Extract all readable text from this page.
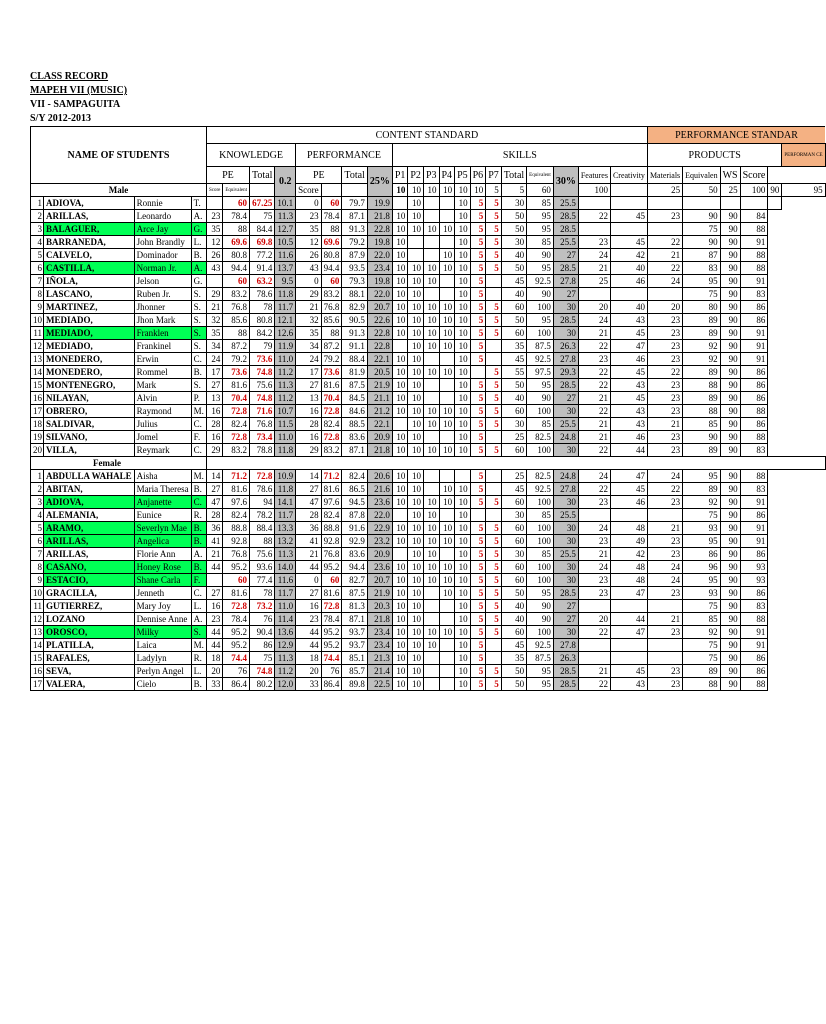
CLASS RECORD
MAPEH VII (MUSIC)
VII - SAMPAGUITA
S/Y 2012-2013
NAME OF STUDENTS				CONTENT STANDARD																				PERFORMANCE STANDAR					
				KNOWLEDGE				PERFORMANCE				SKILLS												PRODUCTS					PERFORMAN CE
				PE		Total	0.2	PE		Total	25%	P1	P2	P3	P4	P5	P6	P7	Total	Equivalent	30%	Features	Creativity	Materials	Equivalen	WS	Score		
Male				Score	Equivalent			Score				10	10	10	10	10	10	5	5	60		100		25	50	25	100	90	95
1	ADIOVA,	Ronnie	T.		60	67.25	10.1	0	60	79.7	19.9		10			10	5	5	30	85	25.5								
2	ARILLAS,	Leonardo	A.	23	78.4	75	11.3	23	78.4	87.1	21.8	10	10			10	5	5	50	95	28.5	22	45	23	90	90	84		
3	BALAGUER,	Arce Jay	G.	35	88	84.4	12.7	35	88	91.3	22.8	10	10	10	10	10	5	5	50	95	28.5				75	90	88		
4	BARRANEDA,	John Brandly	L.	12	69.6	69.8	10.5	12	69.6	79.2	19.8	10				10	5	5	30	85	25.5	23	45	22	90	90	91		
5	CALVELO,	Dominador	B.	26	80.8	77.2	11.6	26	80.8	87.9	22.0	10			10	10	5	5	40	90	27	24	42	21	87	90	88		
6	CASTILLA,	Norman Jr.	A.	43	94.4	91.4	13.7	43	94.4	93.5	23.4	10	10	10	10	10	5	5	50	95	28.5	21	40	22	83	90	88		
7	IÑOLA,	Jelson	G.		60	63.2	9.5	0	60	79.3	19.8	10	10	10		10	5		45	92.5	27.8	25	46	24	95	90	91		
8	LASCANO,	Ruben Jr.	S.	29	83.2	78.6	11.8	29	83.2	88.1	22.0	10	10			10	5		40	90	27				75	90	83		
9	MARTINEZ,	Jhonner	S.	21	76.8	78	11.7	21	76.8	82.9	20.7	10	10	10	10	10	5	5	60	100	30	20	40	20	80	90	86		
10	MEDIADO,	Jhon Mark	S.	32	85.6	80.8	12.1	32	85.6	90.5	22.6	10	10	10	10	10	5	5	50	95	28.5	24	43	23	89	90	86		
11	MEDIADO,	Franklen	S.	35	88	84.2	12.6	35	88	91.3	22.8	10	10	10	10	10	5	5	60	100	30	21	45	23	89	90	91		
12	MEDIADO,	Frankinel	S.	34	87.2	79	11.9	34	87.2	91.1	22.8		10	10	10	10	5		35	87.5	26.3	22	47	23	92	90	91		
13	MONEDERO,	Erwin	C.	24	79.2	73.6	11.0	24	79.2	88.4	22.1	10	10			10	5		45	92.5	27.8	23	46	23	92	90	91		
14	MONEDERO,	Rommel	B.	17	73.6	74.8	11.2	17	73.6	81.9	20.5	10	10	10	10	10		5	55	97.5	29.3	22	45	22	89	90	86		
15	MONTENEGRO,	Mark	S.	27	81.6	75.6	11.3	27	81.6	87.5	21.9	10	10			10	5	5	50	95	28.5	22	43	23	88	90	86		
16	NILAYAN,	Alvin	P.	13	70.4	74.8	11.2	13	70.4	84.5	21.1	10	10			10	5	5	40	90	27	21	45	23	89	90	86		
17	OBRERO,	Raymond	M.	16	72.8	71.6	10.7	16	72.8	84.6	21.2	10	10	10	10	10	5	5	60	100	30	22	43	23	88	90	88		
18	SALDIVAR,	Julius	C.	28	82.4	76.8	11.5	28	82.4	88.5	22.1		10	10	10	10	5	5	30	85	25.5	21	43	21	85	90	86		
19	SILVANO,	Jomel	F.	16	72.8	73.4	11.0	16	72.8	83.6	20.9	10	10			10	5		25	82.5	24.8	21	46	23	90	90	88		
20	VILLA,	Reymark	C.	29	83.2	78.8	11.8	29	83.2	87.1	21.8	10	10	10	10	10	5	5	60	100	30	22	44	23	89	90	83		
Female																													
1	ABDULLA WAHALE	Aisha	M.	14	71.2	72.8	10.9	14	71.2	82.4	20.6	10	10				5		25	82.5	24.8	24	47	24	95	90	88		
2	ABITAN,	Maria Theresa	B.	27	81.6	78.6	11.8	27	81.6	86.5	21.6	10	10		10	10	5		45	92.5	27.8	22	45	22	89	90	83		
3	ADIOVA,	Anjanette	C.	47	97.6	94	14.1	47	97.6	94.5	23.6	10	10	10	10	10	5	5	60	100	30	23	46	23	92	90	91		
4	ALEMANIA,	Eunice	R.	28	82.4	78.2	11.7	28	82.4	87.8	22.0		10	10		10			30	85	25.5				75	90	86		
5	ARAMO,	Severlyn Mae	B.	36	88.8	88.4	13.3	36	88.8	91.6	22.9	10	10	10	10	10	5	5	60	100	30	24	48	21	93	90	91		
6	ARILLAS,	Angelica	B.	41	92.8	88	13.2	41	92.8	92.9	23.2	10	10	10	10	10	5	5	60	100	30	23	49	23	95	90	91		
7	ARILLAS,	Florie Ann	A.	21	76.8	75.6	11.3	21	76.8	83.6	20.9		10	10		10	5	5	30	85	25.5	21	42	23	86	90	86		
8	CASANO,	Honey Rose	B.	44	95.2	93.6	14.0	44	95.2	94.4	23.6	10	10	10	10	10	5	5	60	100	30	24	48	24	96	90	93		
9	ESTACIO,	Shane Carla	F.		60	77.4	11.6	0	60	82.7	20.7	10	10	10	10	10	5	5	60	100	30	23	48	24	95	90	93		
10	GRACILLA,	Jenneth	C.	27	81.6	78	11.7	27	81.6	87.5	21.9	10	10		10	10	5	5	50	95	28.5	23	47	23	93	90	86		
11	GUTIERREZ,	Mary Joy	L.	16	72.8	73.2	11.0	16	72.8	81.3	20.3	10	10			10	5	5	40	90	27				75	90	83		
12	LOZANO	Dennise Anne	A.	23	78.4	76	11.4	23	78.4	87.1	21.8	10	10			10	5	5	40	90	27	20	44	21	85	90	88		
13	OROSCO,	Milky	S.	44	95.2	90.4	13.6	44	95.2	93.7	23.4	10	10	10	10	10	5	5	60	100	30	22	47	23	92	90	91		
14	PLATILLA,	Laica	M.	44	95.2	86	12.9	44	95.2	93.7	23.4	10	10	10		10	5		45	92.5	27.8				75	90	91		
15	RAFALES,	Ladylyn	R.	18	74.4	75	11.3	18	74.4	85.1	21.3	10	10			10	5		35	87.5	26.3				75	90	86		
16	SEVA,	Perlyn Angel	L.	20	76	74.8	11.2	20	76	85.7	21.4	10	10			10	5	5	50	95	28.5	21	45	23	89	90	86		
17	VALERA,	Cielo	B.	33	86.4	80.2	12.0	33	86.4	89.8	22.5	10	10			10	5	5	50	95	28.5	22	43	23	88	90	88		
